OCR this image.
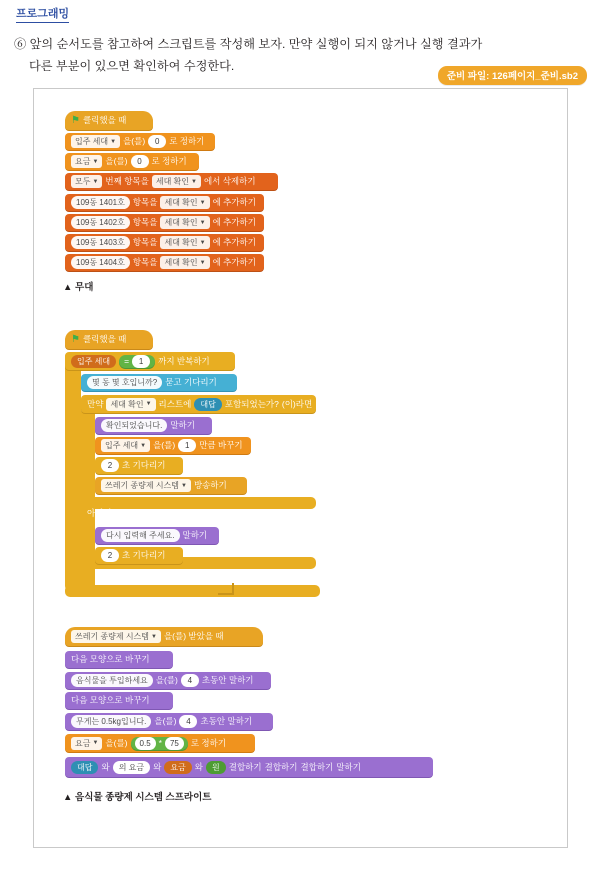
프로그래밍
⑥ 앞의 순서도를 참고하여 스크립트를 작성해 보자. 만약 실행이 되지 않거나 실행 결과가
다른 부분이 있으면 확인하여 수정한다.
준비 파일: 126페이지_준비.sb2
⚑ 클릭했을 때
입주 세대 ▼ 을(를)	0	로 정하기
요금 ▼ 을(를)	0	로 정하기
모두 ▼ 번째 항목을 세대 확인 ▼ 에서 삭제하기
109동 1401호 항목을 세대 확인 ▼ 에 추가하기
109동 1402호 항목을 세대 확인 ▼ 에 추가하기
109동 1403호 항목을 세대 확인 ▼ 에 추가하기
109동 1404호 항목을 세대 확인 ▼ 에 추가하기
▲ 무대
⚑ 클릭했을 때
입주 세대	=	1	까지 반복하기
몇 동 몇 호입니까? 묻고 기다리기
만약 세대 확인 ▼ 리스트에	대답	포함되었는가? (이)라면
확인되었습니다. 말하기
입주 세대 ▼ 을(를)	1	만큼 바꾸기
2	초 기다리기
쓰레기 종량제 시스템 ▼ 방송하기
아니면
다시 입력해 주세요. 말하기
2	초 기다리기
쓰레기 종량제 시스템 ▼ 을(를) 받았을 때
다음 모양으로 바꾸기
음식물을 투입하세요 을(를)	4	초동안 말하기
다음 모양으로 바꾸기
무게는 0.5kg입니다. 을(를)	4	초동안 말하기
요금 ▼ 을(를)	0.5 *	75	로 정하기
대답	와	의 요금	와	요금	와	원	결합하기 결합하기 결합하기 말하기
▲ 음식물 종량제 시스템 스프라이트
